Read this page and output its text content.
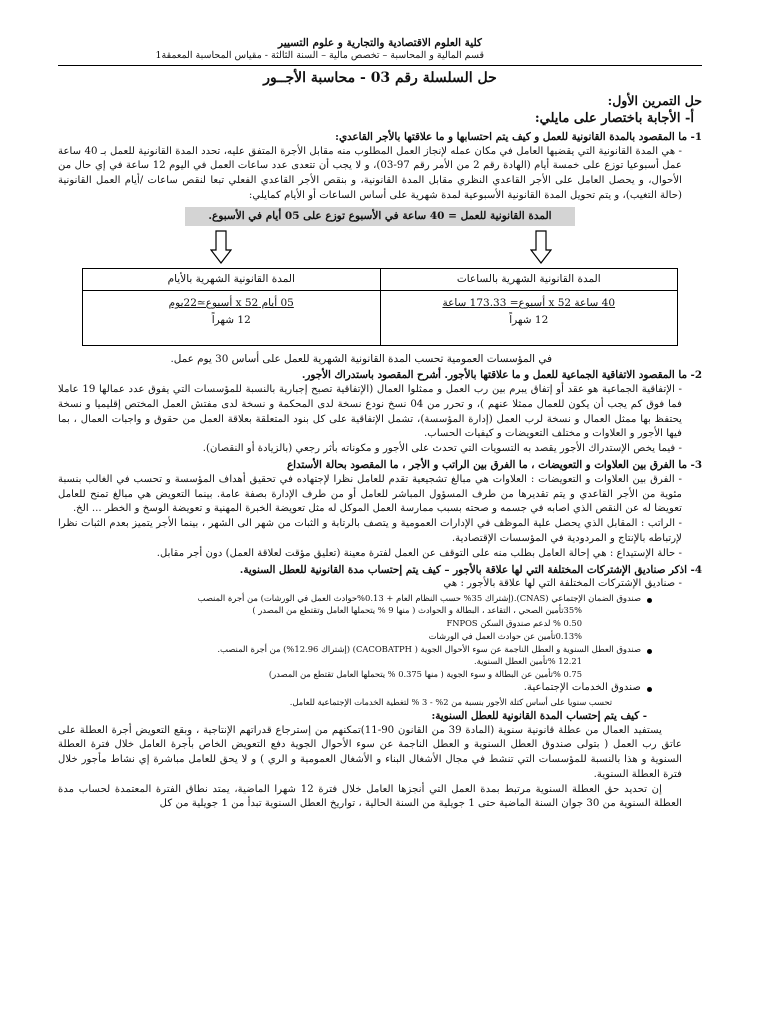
كلية العلوم الاقتصادية والتجارية و علوم التسيير
قسم المالية و المحاسبة – تخصص مالية – السنة الثالثة - مقياس المحاسبة المعمقة1
حل السلسلة رقم 03 - محاسبة الأجــور
حل التمرين الأول:
أ- الأجابة باختصار على مايلي:
1- ما المقصود بالمدة القانونية للعمل و كيف يتم احتسابها و ما علاقتها بالأجر القاعدي:
- هي المدة القانونية التي يقضيها العامل في مكان عمله لإنجاز العمل المطلوب منه مقابل الأجرة المتفق عليه، تحدد المدة القانونية للعمل بـ 40 ساعة عمل أسبوعيا توزع على خمسة أيام (الهادة رقم 2 من الأمر رقم 97-03)، و لا يجب أن تتعدى عدد ساعات العمل في اليوم 12 ساعة في إي حال من الأحوال، و يحصل العامل على الأجر القاعدي النظري مقابل المدة القانونية، و بنقص الأجر القاعدي الفعلي تبعا لنقص ساعات /أيام العمل القانونية (حالة التغيب)، و يتم تحويل المدة القانونية الأسبوعية لمدة شهرية على أساس الساعات أو الأيام كمايلي:
المدة القانونية للعمل = 40 ساعة في الأسبوع توزع على 05 أيام في الأسبوع.
المدة القانونية الشهرية بالساعات
40 ساعة x 52 أسبوع= 173.33 ساعة
12 شهراً
المدة القانونية الشهرية بالأيام
05 أيام x 52 أسبوع≃22يوم
12 شهراً
في المؤسسات العمومية تحسب المدة القانونية الشهرية للعمل على أساس 30 يوم عمل.
2- ما المقصود الاتفاقية الجماعية للعمل و ما علاقتها بالأجور. أشرح المقصود باستدراك الأجور.
- الإتفاقية الجماعية هو عقد أو إتفاق يبرم بين رب العمل و ممثلوا العمال (الإتفاقية تصبح إجبارية بالنسبة للمؤسسات التي يفوق عدد عمالها 19 عاملا فما فوق كم يجب أن يكون للعمال ممثلا عنهم )، و تحرر من 04 نسخ نودع نسخة لدى المحكمة و نسخة لدى مفتش العمل المختص إقليميا و نسخة يحتفظ بها ممثل العمال و نسخة لرب العمل (إدارة المؤسسة)، تشمل الإتفاقية على كل بنود المتعلقة بعلاقة العمل من حقوق و واجبات العمال ، بما فيها الأجور و العلاوات و مختلف التعويضات و كيفيات الحساب.
- فيما يخص الإستدراك الأجور يقصد به التسويات التي تحدث على الأجور و مكوناته بأثر رجعي (بالزيادة أو النقصان).
3- ما الفرق بين العلاوات و التعويضات ، ما الفرق بين الراتب و الأجر ، ما المقصود بحالة الأستداع
- الفرق بين العلاوات و التعويضات : العلاوات هي مبالغ تشجيعية تقدم للعامل نظرا لإجتهاده في تحقيق أهداف المؤسسة و تحسب في الغالب بنسبة مئوية من الأجر القاعدي و يتم تقديرها من طرف المسؤول المباشر للعامل أو من طرف الإدارة بصفة عامة. بينما التعويض هي مبالغ تمنح للعامل تعويضا له عن النقص الذي اصابه في جسمه و صحته بسبب ممارسة العمل الموكل له مثل تعويضة الخبرة المهنية و تعويضة الوسخ و الخطر ... الخ.
- الراتب : المقابل الذي يحصل علية الموظف في الإدارات العمومية و يتصف بالرتابة و الثبات من شهر الى الشهر ، بينما الأجر يتميز بعدم الثبات نظرا لإرتباطه بالإنتاج و المردودية في المؤسسات الإقتصادية.
- حالة الإستيداع : هي إحالة العامل بطلب منه على التوقف عن العمل لفترة معينة (تعليق مؤقت لعلاقة العمل) دون أجر مقابل.
4- اذكر صناديق الإشتركات المختلفة التي لها علاقة بالأجور – كيف يتم إحتساب مدة القانونية للعطل السنوية.
- صناديق الإشتركات المختلفة التي لها علاقة بالأجور : هي
صندوق الضمان الإجتماعي (CNAS).(إشتراك 35% حسب النظام العام + 0.13%حوادث العمل في الورشات) من أجرة المنصب
35%تأمين الصحي ، التقاعد ، البطالة و الحوادث ( منها 9 % يتحملها العامل وتقتطع من المصدر )
0.50 % لدعم صندوق السكن FNPOS
0.13%تأمين عن حوادث العمل في الورشات
صندوق العطل السنوية و العطل الناجمة عن سوء الأحوال الجوية ( CACOBATPH) (إشتراك 12.96%) من أجرة المنصب.
12.21 %تأمين العطل السنوية.
0.75 %تأمين عن البطالة و سوء الجوية ( منها 0.375 % يتحملها العامل تقتطع من المصدر)
صندوق الخدمات الإجتماعية.
تحسب سنويا على أساس كتلة الأجور بنسبة من 2% - 3 % لتغطية الخدمات الإجتماعية للعامل.
- كيف يتم إحتساب المدة القانونية للعطل السنوية:
يستفيد العمال من عطلة قانونية سنوية (المادة 39 من القانون 90-11)تمكنهم من إسترجاع قدراتهم الإنتاجية ، وبقع التعويض أجرة العطلة على عاتق رب العمل ( بتولى صندوق العطل السنوية و العطل الناجمة عن سوء الأحوال الجوية دفع التعويض الخاص بأجرة العامل خلال فترة العطلة السنوية و هذا بالنسبة للمؤسسات التي تنشط في مجال الأشغال البناء و الأشغال العمومية و الري ) و لا يحق للعامل مباشرة إي نشاط مأجور خلال فترة العطلة السنوية.
إن تحديد حق العطلة السنوية مرتبط بمدة العمل التي أنجزها العامل خلال فترة 12 شهرا الماضية، يمتد نطاق الفترة المعتمدة لحساب مدة العطلة السنوية من 30 جوان السنة الماضية حتى 1 جويلية من السنة الحالية ، تواريخ العطل السنوية تبدأ من 1 جويلية من كل
